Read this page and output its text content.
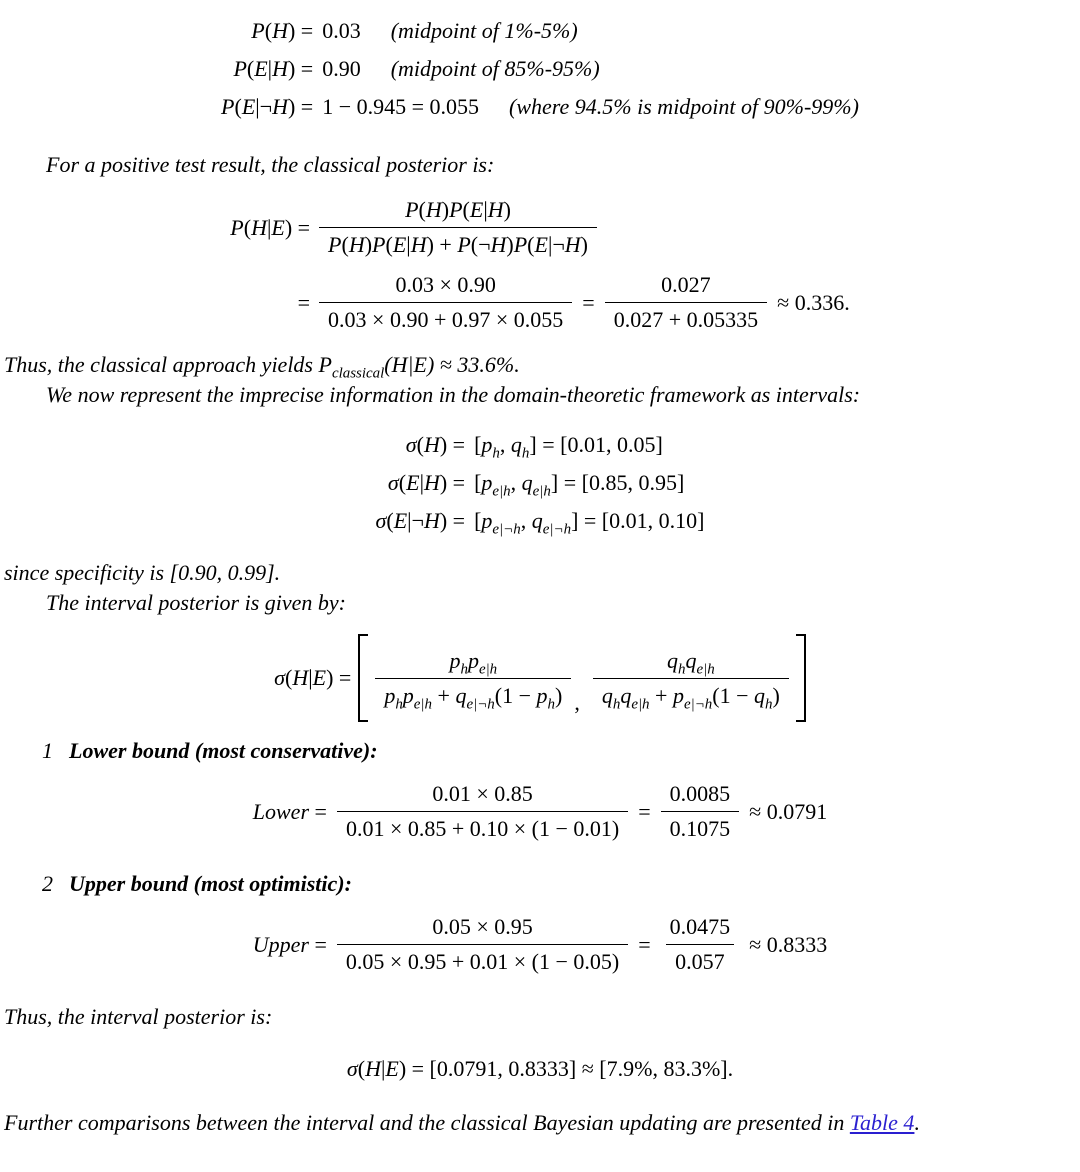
P(H) = 0.03 (midpoint of 1%-5%)
P(E|H) = 0.90 (midpoint of 85%-95%)
P(E|¬H) = 1 − 0.945 = 0.055 (where 94.5% is midpoint of 90%-99%)

For a positive test result, the classical posterior is:

$P(H|E) = \frac{P(H)P(E|H)}{P(H)P(E|H) + P(\neg H)P(E|\neg H)}$
= $\frac{0.03 \times 0.90}{0.03 \times 0.90 + 0.97 \times 0.055} = \frac{0.027}{0.027 + 0.05335} \approx 0.336$.

Thus, the classical approach yields $P_{classical}(H|E) \approx 33.6\%$.

We now represent the imprecise information in the domain-theoretic framework as intervals:

$\sigma(H) = [p_h$, $q_h] = [0.01$, 0.05]
$\sigma(E|H) = [p_{e|h}$, $q_{e|h}] = [0.85$, 0.95]
σ(E|¬H) = [$p_{e|\neg h}$, $q_{e|\neg h}] = [0.01$, 0.10]

since specificity is [0.90, 0.99].

The interval posterior is given by:

$\sigma(H|E) = \frac{p_hp_{e|h}}{p_hp_{e|h} + q_{e|\neg h}(1 - p_h)}$ , $\frac{q_hq_{e|h}}{q_hq_{e|h} + p_{e|\neg h}(1 - q_h)}$

1 Lower bound (most conservative):

Lower = $\frac{0.01 \times 0.85}{0.01 \times 0.85 + 0.10 \times (1 - 0.01)} = \frac{0.0085}{0.1075} \approx 0.0791$

2 Upper bound (most optimistic):

Upper = $\frac{0.05 \times 0.95}{0.05 \times 0.95 + 0.01 \times (1 - 0.05)} = \frac{0.0475}{0.057} \approx 0.8333$

Thus, the interval posterior is:

σ(H|E) = [0.0791, 0.8333] ≈ [7.9%, 83.3%].

Further comparisons between the interval and the classical Bayesian updating are presented in Table 4.
